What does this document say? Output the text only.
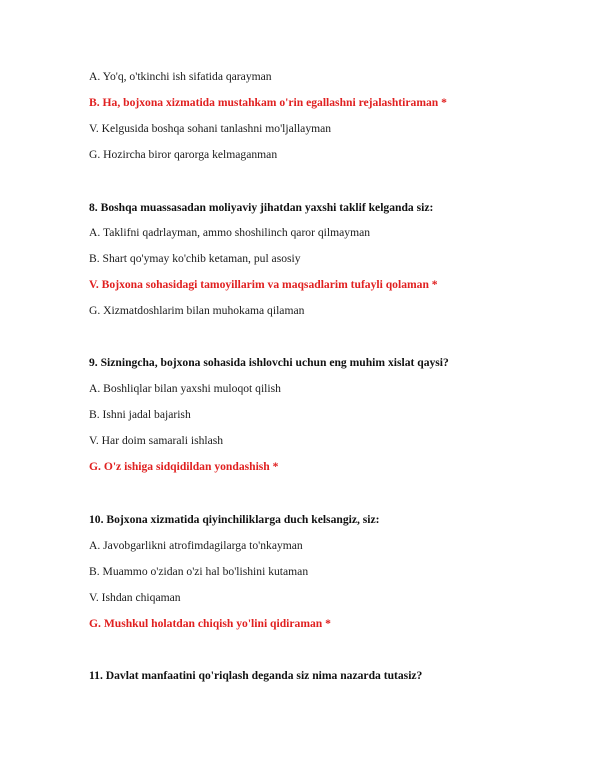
A. Yo'q, o'tkinchi ish sifatida qarayman
B. Ha, bojxona xizmatida mustahkam o'rin egallashni rejalashtiraman *
V. Kelgusida boshqa sohani tanlashni mo'ljallayman
G. Hozircha biror qarorga kelmaganman
8. Boshqa muassasadan moliyaviy jihatdan yaxshi taklif kelganda siz:
A. Taklifni qadrlayman, ammo shoshilinch qaror qilmayman
B. Shart qo'ymay ko'chib ketaman, pul asosiy
V. Bojxona sohasidagi tamoyillarim va maqsadlarim tufayli qolaman *
G. Xizmatdoshlarim bilan muhokama qilaman
9. Sizningcha, bojxona sohasida ishlovchi uchun eng muhim xislat qaysi?
A. Boshliqlar bilan yaxshi muloqot qilish
B. Ishni jadal bajarish
V. Har doim samarali ishlash
G. O'z ishiga sidqidildan yondashish *
10. Bojxona xizmatida qiyinchiliklarga duch kelsangiz, siz:
A. Javobgarlikni atrofimdagilarga to'nkayman
B. Muammo o'zidan o'zi hal bo'lishini kutaman
V. Ishdan chiqaman
G. Mushkul holatdan chiqish yo'lini qidiraman *
11. Davlat manfaatini qo'riqlash deganda siz nima nazarda tutasiz?
